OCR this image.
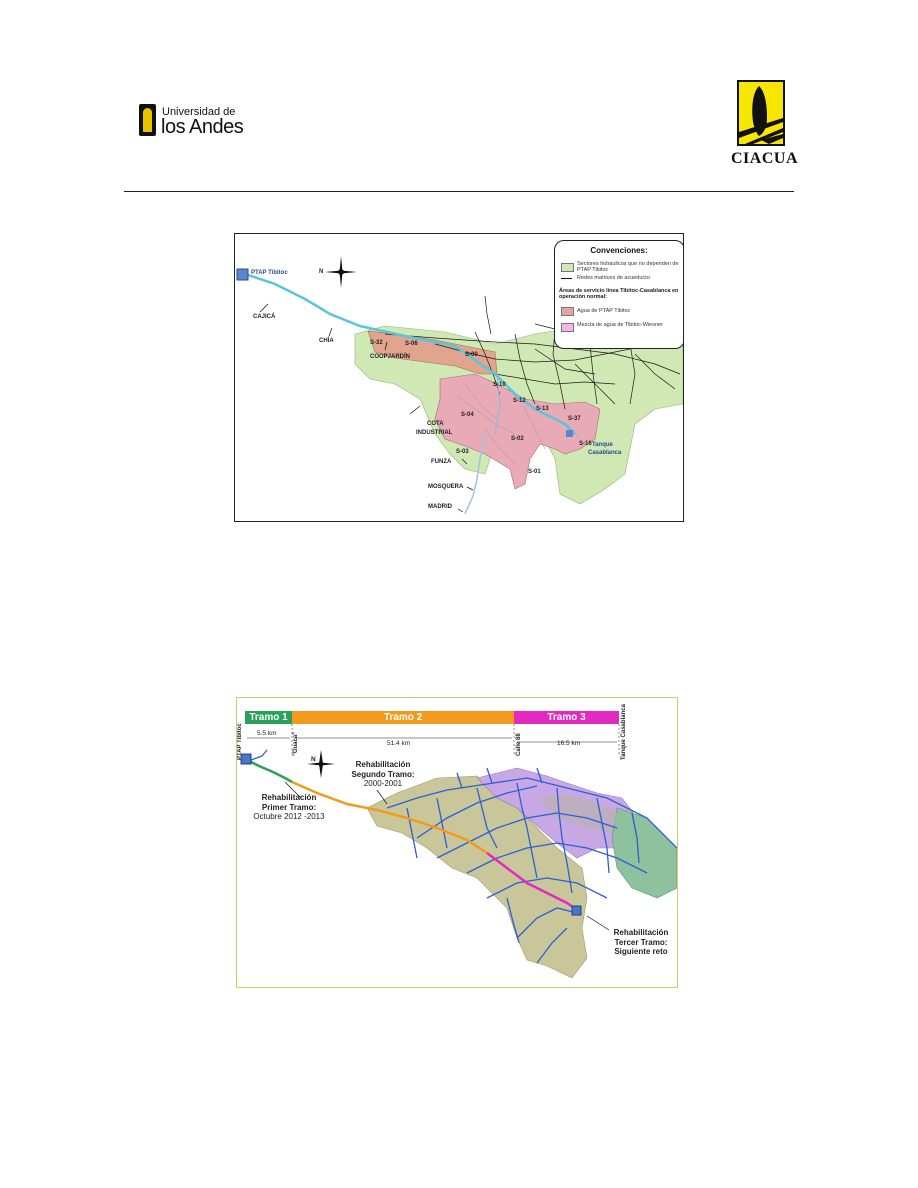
Universidad de
los Andes
CIACUA
Convenciones:
Sectores hidráulicos que no dependen de PTAP Tibitoc
Redes matrices de acueducto
Áreas de servicio línea Tibitoc-Casablanca en operación normal:
Agua de PTAP Tibitoc
Mezcla de agua de Tibitoc-Wiesner
PTAP Tibitoc
CAJICÁ
CHÍA
COOPJARDÍN
COTA
INDUSTRIAL
FUNZA
MOSQUERA
MADRID
Tanque
Casablanca
S-32	S-06
S-00
S-10
S-12
S-13
S-37
S-04
S-02
S-16
S-03
S-01
N
Tramo 1	Tramo 2	Tramo 3
5.5 km
51.4 km	16.5 km
PTAP Tibitoc	"Guaca"	Calle 88	Tanque Casablanca
N
Rehabilitación
Primer Tramo:
Octubre 2012 -2013
Rehabilitación
Segundo Tramo:
2000-2001
Rehabilitación
Tercer Tramo:
Siguiente reto
